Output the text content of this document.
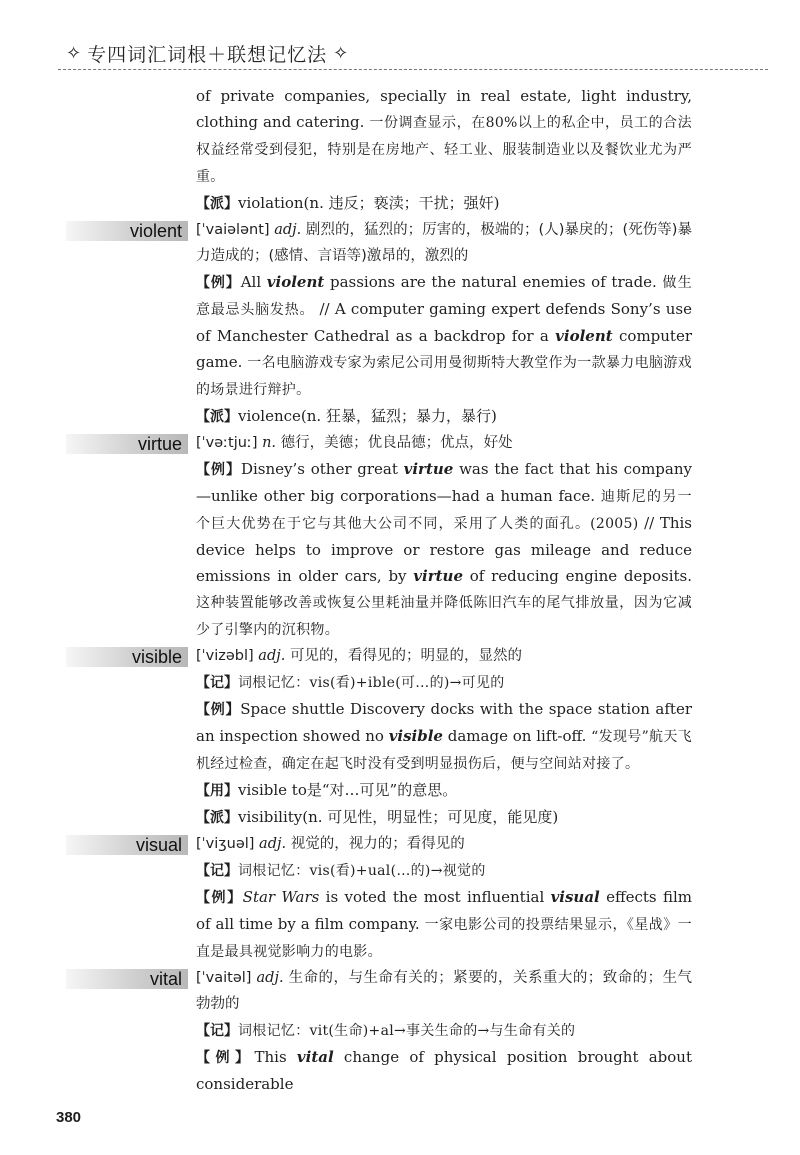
✧ 专四词汇词根＋联想记忆法 ✧

of private companies, specially in real estate, light industry, clothing and catering. 一份调查显示，在80%以上的私企中，员工的合法权益经常受到侵犯，特别是在房地产、轻工业、服装制造业以及餐饮业尤为严重。

【派】violation(n. 违反；亵渎；干扰；强奸)

violent [ˈvaiələnt] adj. 剧烈的，猛烈的；厉害的，极端的；(人)暴戾的；(死伤等)暴力造成的；(感情、言语等)激昂的，激烈的

【例】All violent passions are the natural enemies of trade. 做生意最忌头脑发热。 // A computer gaming expert defends Sony’s use of Manchester Cathedral as a backdrop for a violent computer game. 一名电脑游戏专家为索尼公司用曼彻斯特大教堂作为一款暴力电脑游戏的场景进行辩护。

【派】violence(n. 狂暴，猛烈；暴力，暴行)

virtue [ˈvəːtjuː] n. 德行，美德；优良品德；优点，好处

【例】Disney’s other great virtue was the fact that his company—unlike other big corporations—had a human face. 迪斯尼的另一个巨大优势在于它与其他大公司不同，采用了人类的面孔。(2005) // This device helps to improve or restore gas mileage and reduce emissions in older cars, by virtue of reducing engine deposits. 这种装置能够改善或恢复公里耗油量并降低陈旧汽车的尾气排放量，因为它减少了引擎内的沉积物。

visible [ˈvizəbl] adj. 可见的，看得见的；明显的，显然的

【记】词根记忆：vis(看)+ible(可…的)→可见的

【例】Space shuttle Discovery docks with the space station after an inspection showed no visible damage on lift-off. “发现号”航天飞机经过检查，确定在起飞时没有受到明显损伤后，便与空间站对接了。

【用】visible to是“对…可见”的意思。

【派】visibility(n. 可见性，明显性；可见度，能见度)

visual [ˈviʒuəl] adj. 视觉的，视力的；看得见的

【记】词根记忆：vis(看)+ual(…的)→视觉的

【例】Star Wars is voted the most influential visual effects film of all time by a film company. 一家电影公司的投票结果显示，《星战》一直是最具视觉影响力的电影。

vital [ˈvaitəl] adj. 生命的，与生命有关的；紧要的，关系重大的；致命的；生气勃勃的

【记】词根记忆：vit(生命)+al→事关生命的→与生命有关的

【例】This vital change of physical position brought about considerable

380
